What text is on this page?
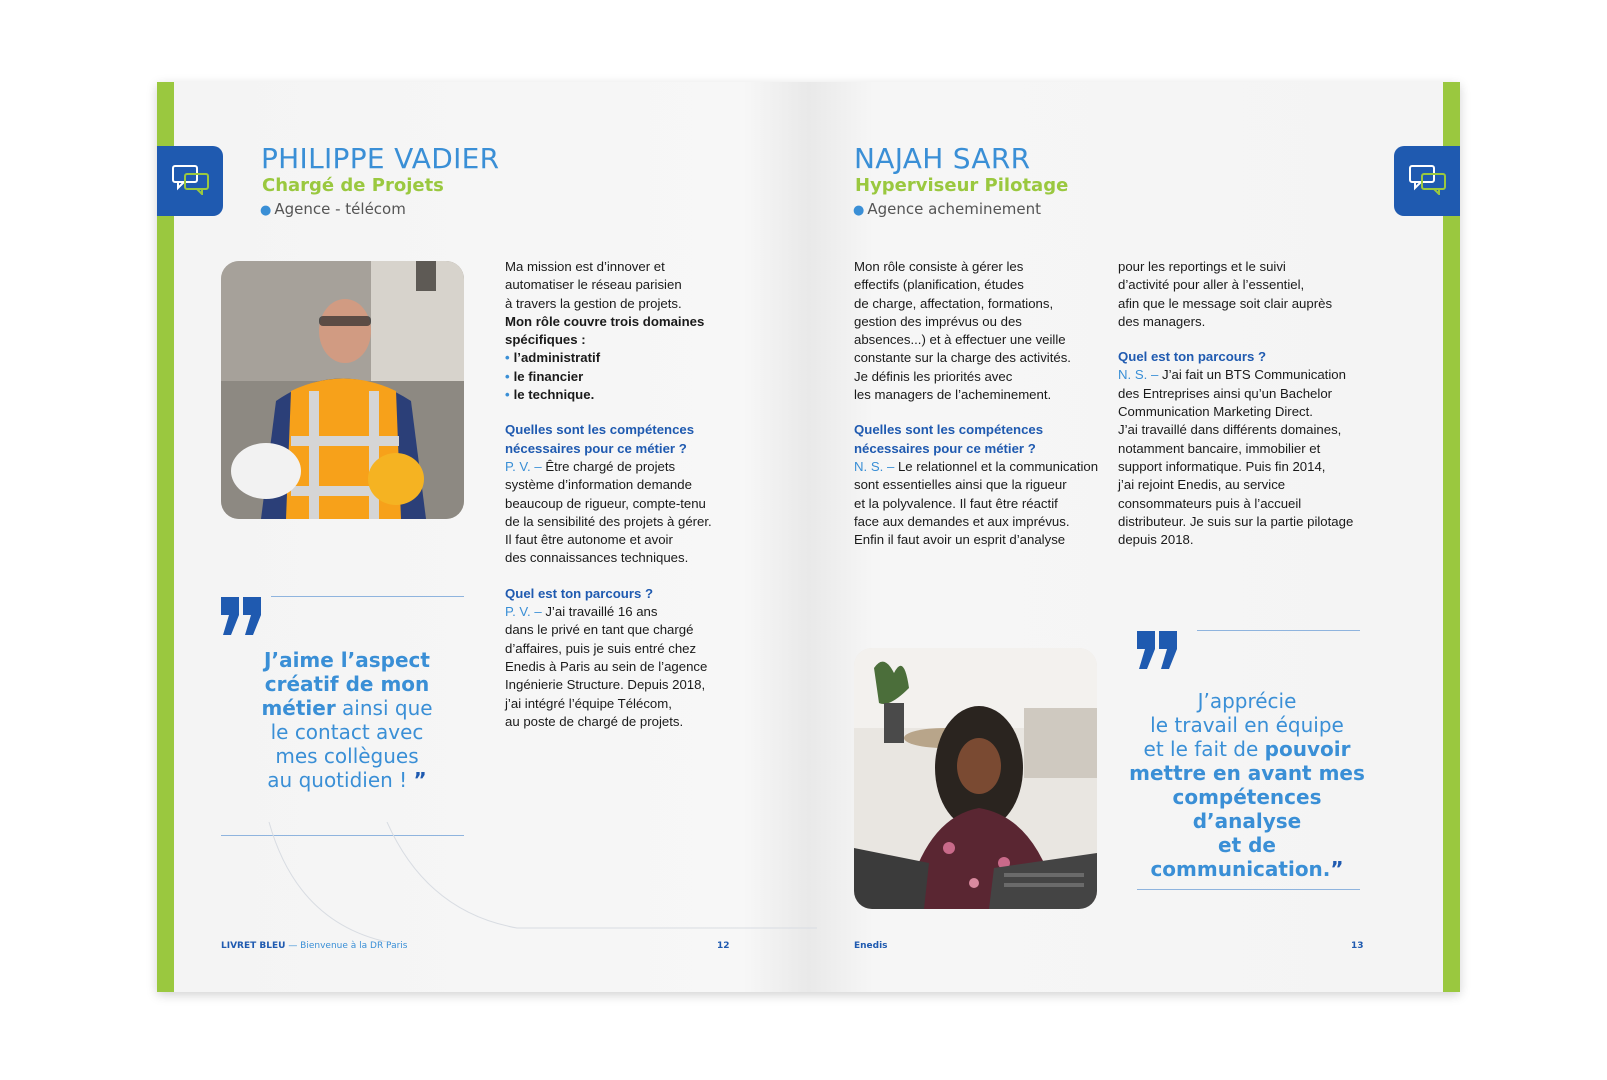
PHILIPPE VADIER
Chargé de Projets
● Agence - télécom

Ma mission est d’innover et

automatiser le réseau parisien

à travers la gestion de projets.

Mon rôle couvre trois domaines

spécifiques :

• l’administratif
• le financier
• le technique.

Quelles sont les compétences
nécessaires pour ce métier ?

P. V. – Être chargé de projets

système d’information demande

beaucoup de rigueur, compte-tenu

de la sensibilité des projets à gérer.

Il faut être autonome et avoir

des connaissances techniques.

Quel est ton parcours ?

P. V. – J’ai travaillé 16 ans

dans le privé en tant que chargé

d’affaires, puis je suis entré chez

Enedis à Paris au sein de l’agence

Ingénierie Structure. Depuis 2018,

j’ai intégré l’équipe Télécom,

au poste de chargé de projets.

J’aime l’aspect
créatif de mon
métier ainsi que
le contact avec
mes collègues
au quotidien ! ”
LIVRET BLEU — Bienvenue à la DR Paris	12
NAJAH SARR
Hyperviseur Pilotage
● Agence acheminement

Mon rôle consiste à gérer les

effectifs (planification, études

de charge, affectation, formations,

gestion des imprévus ou des

absences...) et à effectuer une veille

constante sur la charge des activités.

Je définis les priorités avec

les managers de l’acheminement.

Quelles sont les compétences
nécessaires pour ce métier ?

N. S. – Le relationnel et la communication

sont essentielles ainsi que la rigueur

et la polyvalence. Il faut être réactif

face aux demandes et aux imprévus.

Enfin il faut avoir un esprit d’analyse

pour les reportings et le suivi

d’activité pour aller à l’essentiel,

afin que le message soit clair auprès

des managers.

Quel est ton parcours ?

N. S. – J’ai fait un BTS Communication

des Entreprises ainsi qu’un Bachelor

Communication Marketing Direct.

J’ai travaillé dans différents domaines,

notamment bancaire, immobilier et

support informatique. Puis fin 2014,

j’ai rejoint Enedis, au service

consommateurs puis à l’accueil

distributeur. Je suis sur la partie pilotage

depuis 2018.

J’apprécie
le travail en équipe
et le fait de pouvoir
mettre en avant mes
compétences d’analyse
et de communication.”
Enedis	13
